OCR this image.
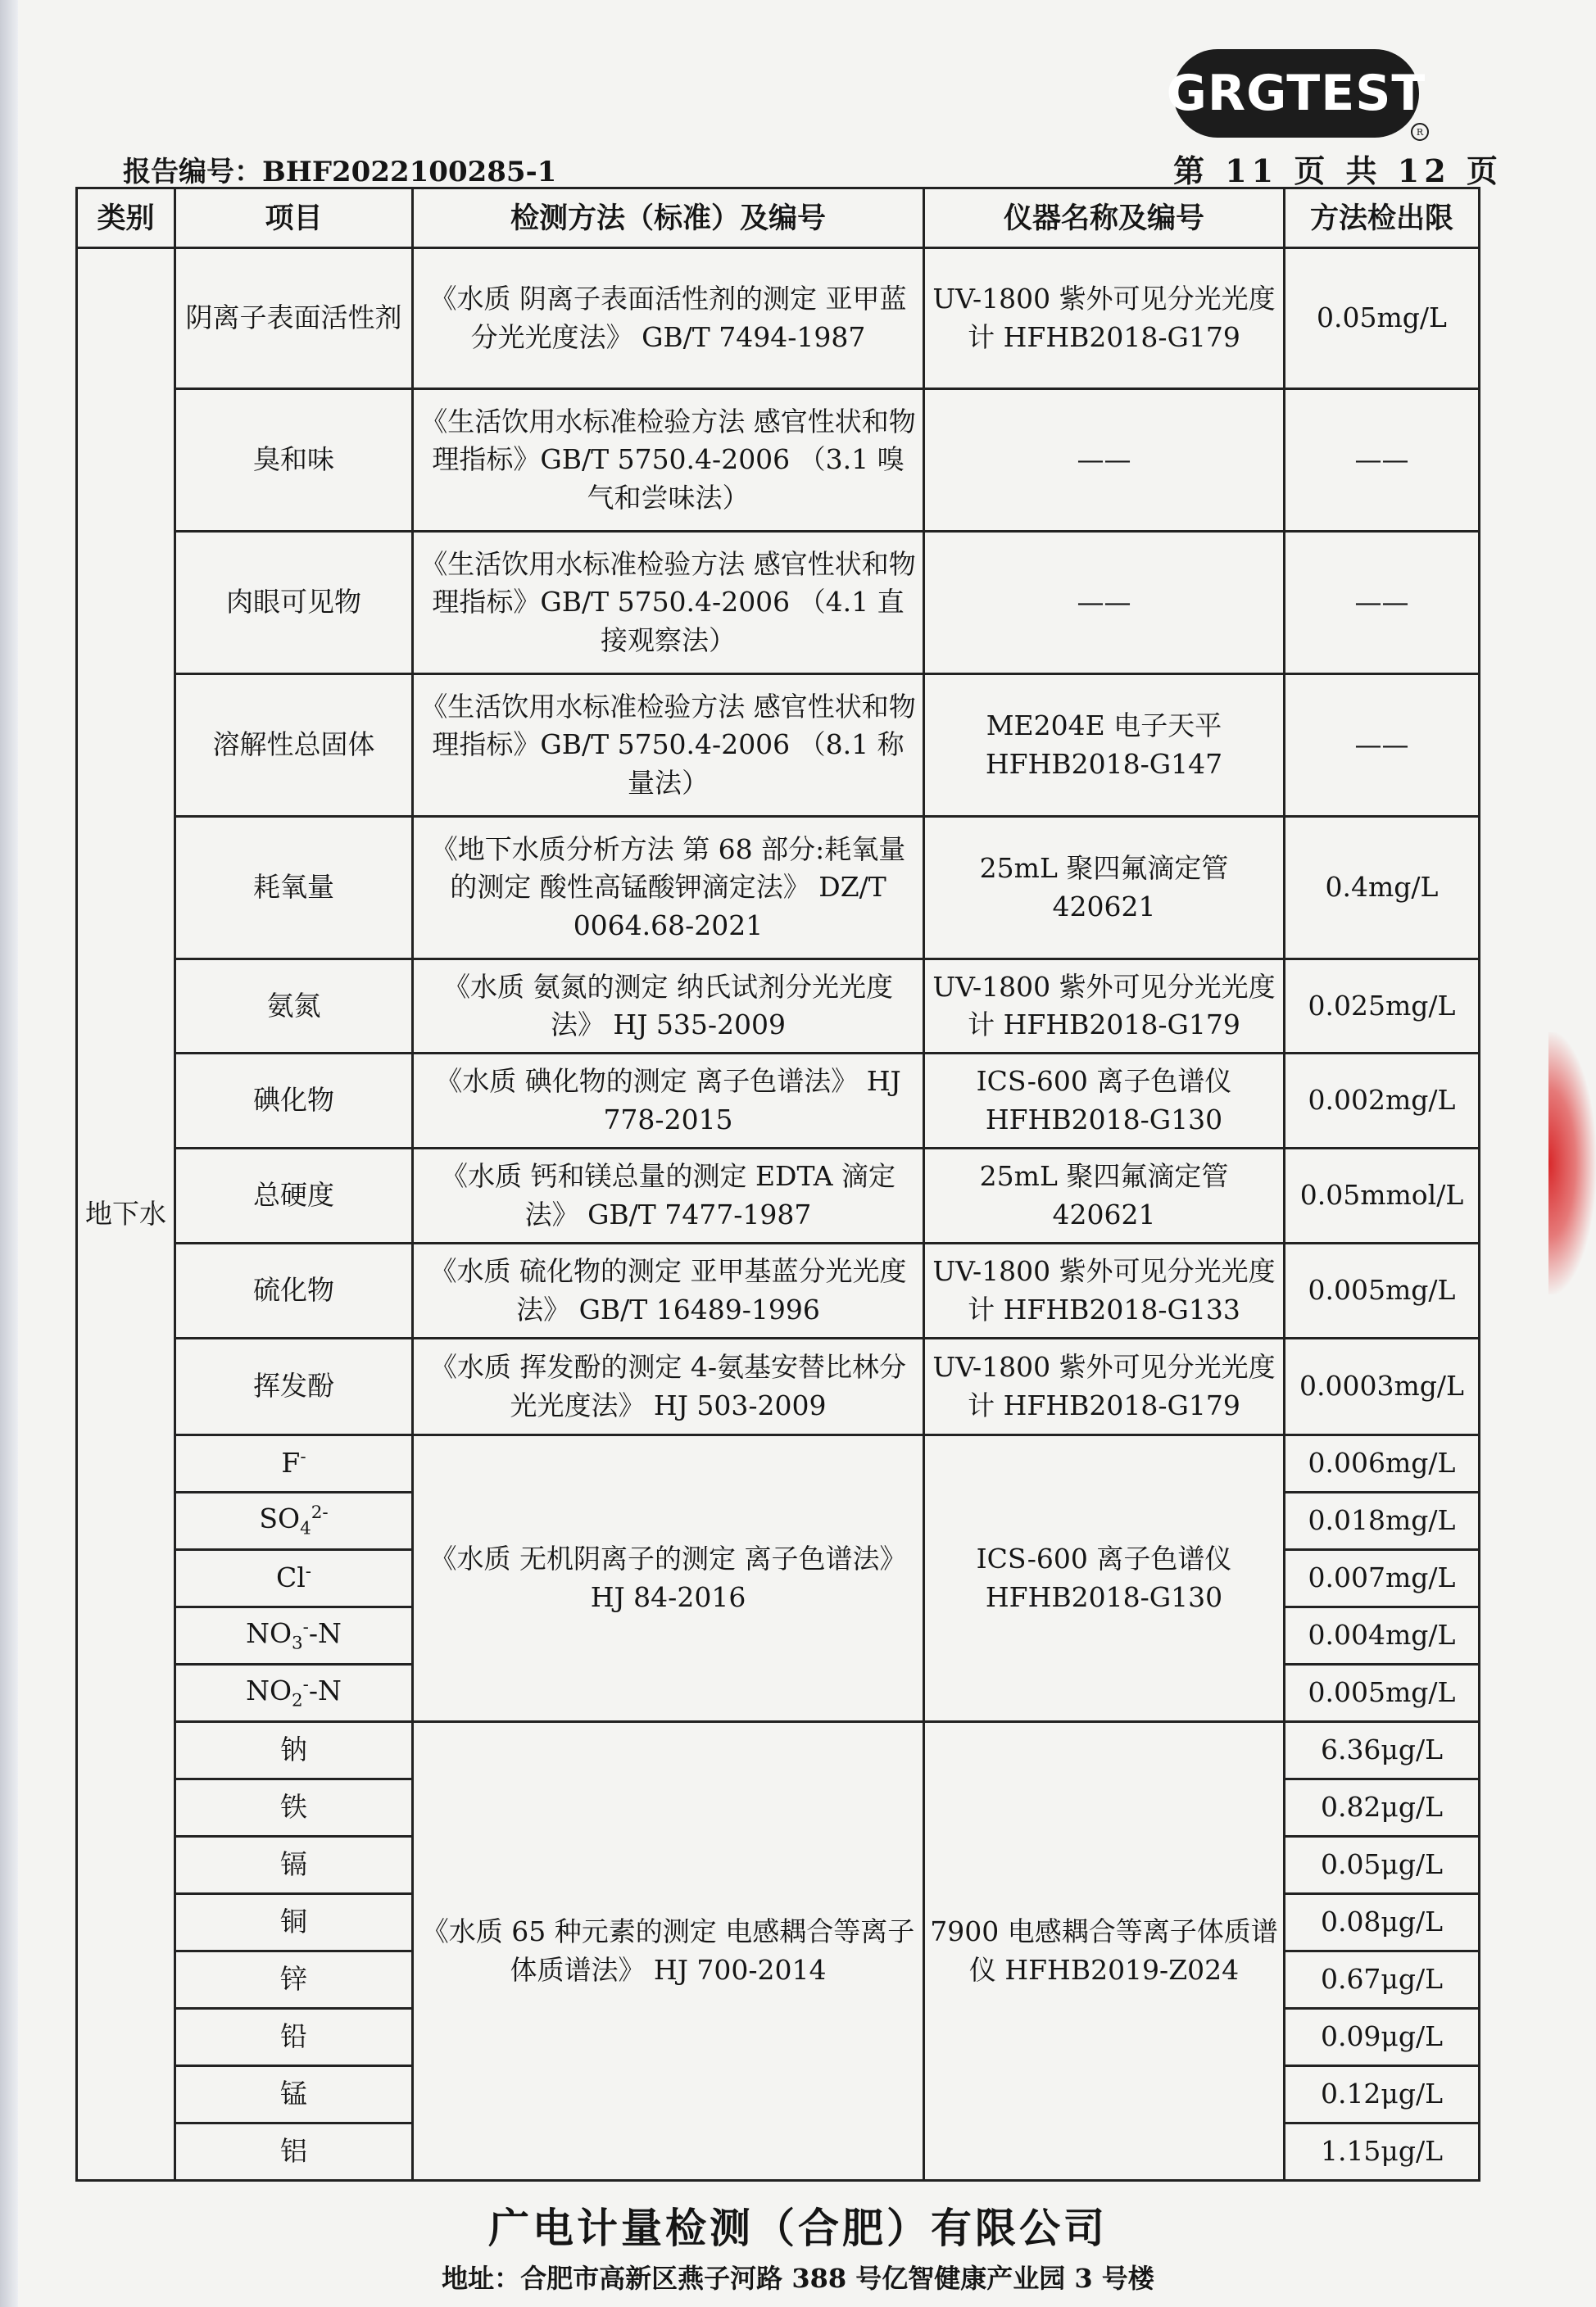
GRGTEST
R
报告编号：BHF2022100285-1	第 11 页 共 12 页
类别	项目	检测方法（标准）及编号	仪器名称及编号	方法检出限
地下水	阴离子表面活性剂	《水质 阴离子表面活性剂的测定 亚甲蓝分光光度法》 GB/T 7494-1987	UV-1800 紫外可见分光光度计 HFHB2018-G179	0.05mg/L
	臭和味	《生活饮用水标准检验方法 感官性状和物理指标》GB/T 5750.4-2006 （3.1 嗅气和尝味法）	——	——
	肉眼可见物	《生活饮用水标准检验方法 感官性状和物理指标》GB/T 5750.4-2006 （4.1 直接观察法）	——	——
	溶解性总固体	《生活饮用水标准检验方法 感官性状和物理指标》GB/T 5750.4-2006 （8.1 称量法）	ME204E 电子天平 HFHB2018-G147	——
	耗氧量	《地下水质分析方法 第 68 部分:耗氧量的测定 酸性高锰酸钾滴定法》 DZ/T 0064.68-2021	25mL 聚四氟滴定管 420621	0.4mg/L
	氨氮	《水质 氨氮的测定 纳氏试剂分光光度法》 HJ 535-2009	UV-1800 紫外可见分光光度计 HFHB2018-G179	0.025mg/L
	碘化物	《水质 碘化物的测定 离子色谱法》 HJ 778-2015	ICS-600 离子色谱仪 HFHB2018-G130	0.002mg/L
	总硬度	《水质 钙和镁总量的测定 EDTA 滴定法》 GB/T 7477-1987	25mL 聚四氟滴定管 420621	0.05mmol/L
	硫化物	《水质 硫化物的测定 亚甲基蓝分光光度法》 GB/T 16489-1996	UV-1800 紫外可见分光光度计 HFHB2018-G133	0.005mg/L
	挥发酚	《水质 挥发酚的测定 4-氨基安替比林分光光度法》 HJ 503-2009	UV-1800 紫外可见分光光度计 HFHB2018-G179	0.0003mg/L
	F-	《水质 无机阴离子的测定 离子色谱法》 HJ 84-2016	ICS-600 离子色谱仪 HFHB2018-G130	0.006mg/L
	$SO_4^{2-}$			0.018mg/L
	Cl-			0.007mg/L
	$NO_3^--N$			0.004mg/L
	$NO_2^--N$			0.005mg/L
	钠	《水质 65 种元素的测定 电感耦合等离子体质谱法》 HJ 700-2014	7900 电感耦合等离子体质谱仪 HFHB2019-Z024	6.36μg/L
	铁			0.82μg/L
	镉			0.05μg/L
	铜			0.08μg/L
	锌			0.67μg/L
	铅			0.09μg/L
	锰			0.12μg/L
	铝			1.15μg/L
广电计量检测（合肥）有限公司
地址：合肥市高新区燕子河路 388 号亿智健康产业园 3 号楼
